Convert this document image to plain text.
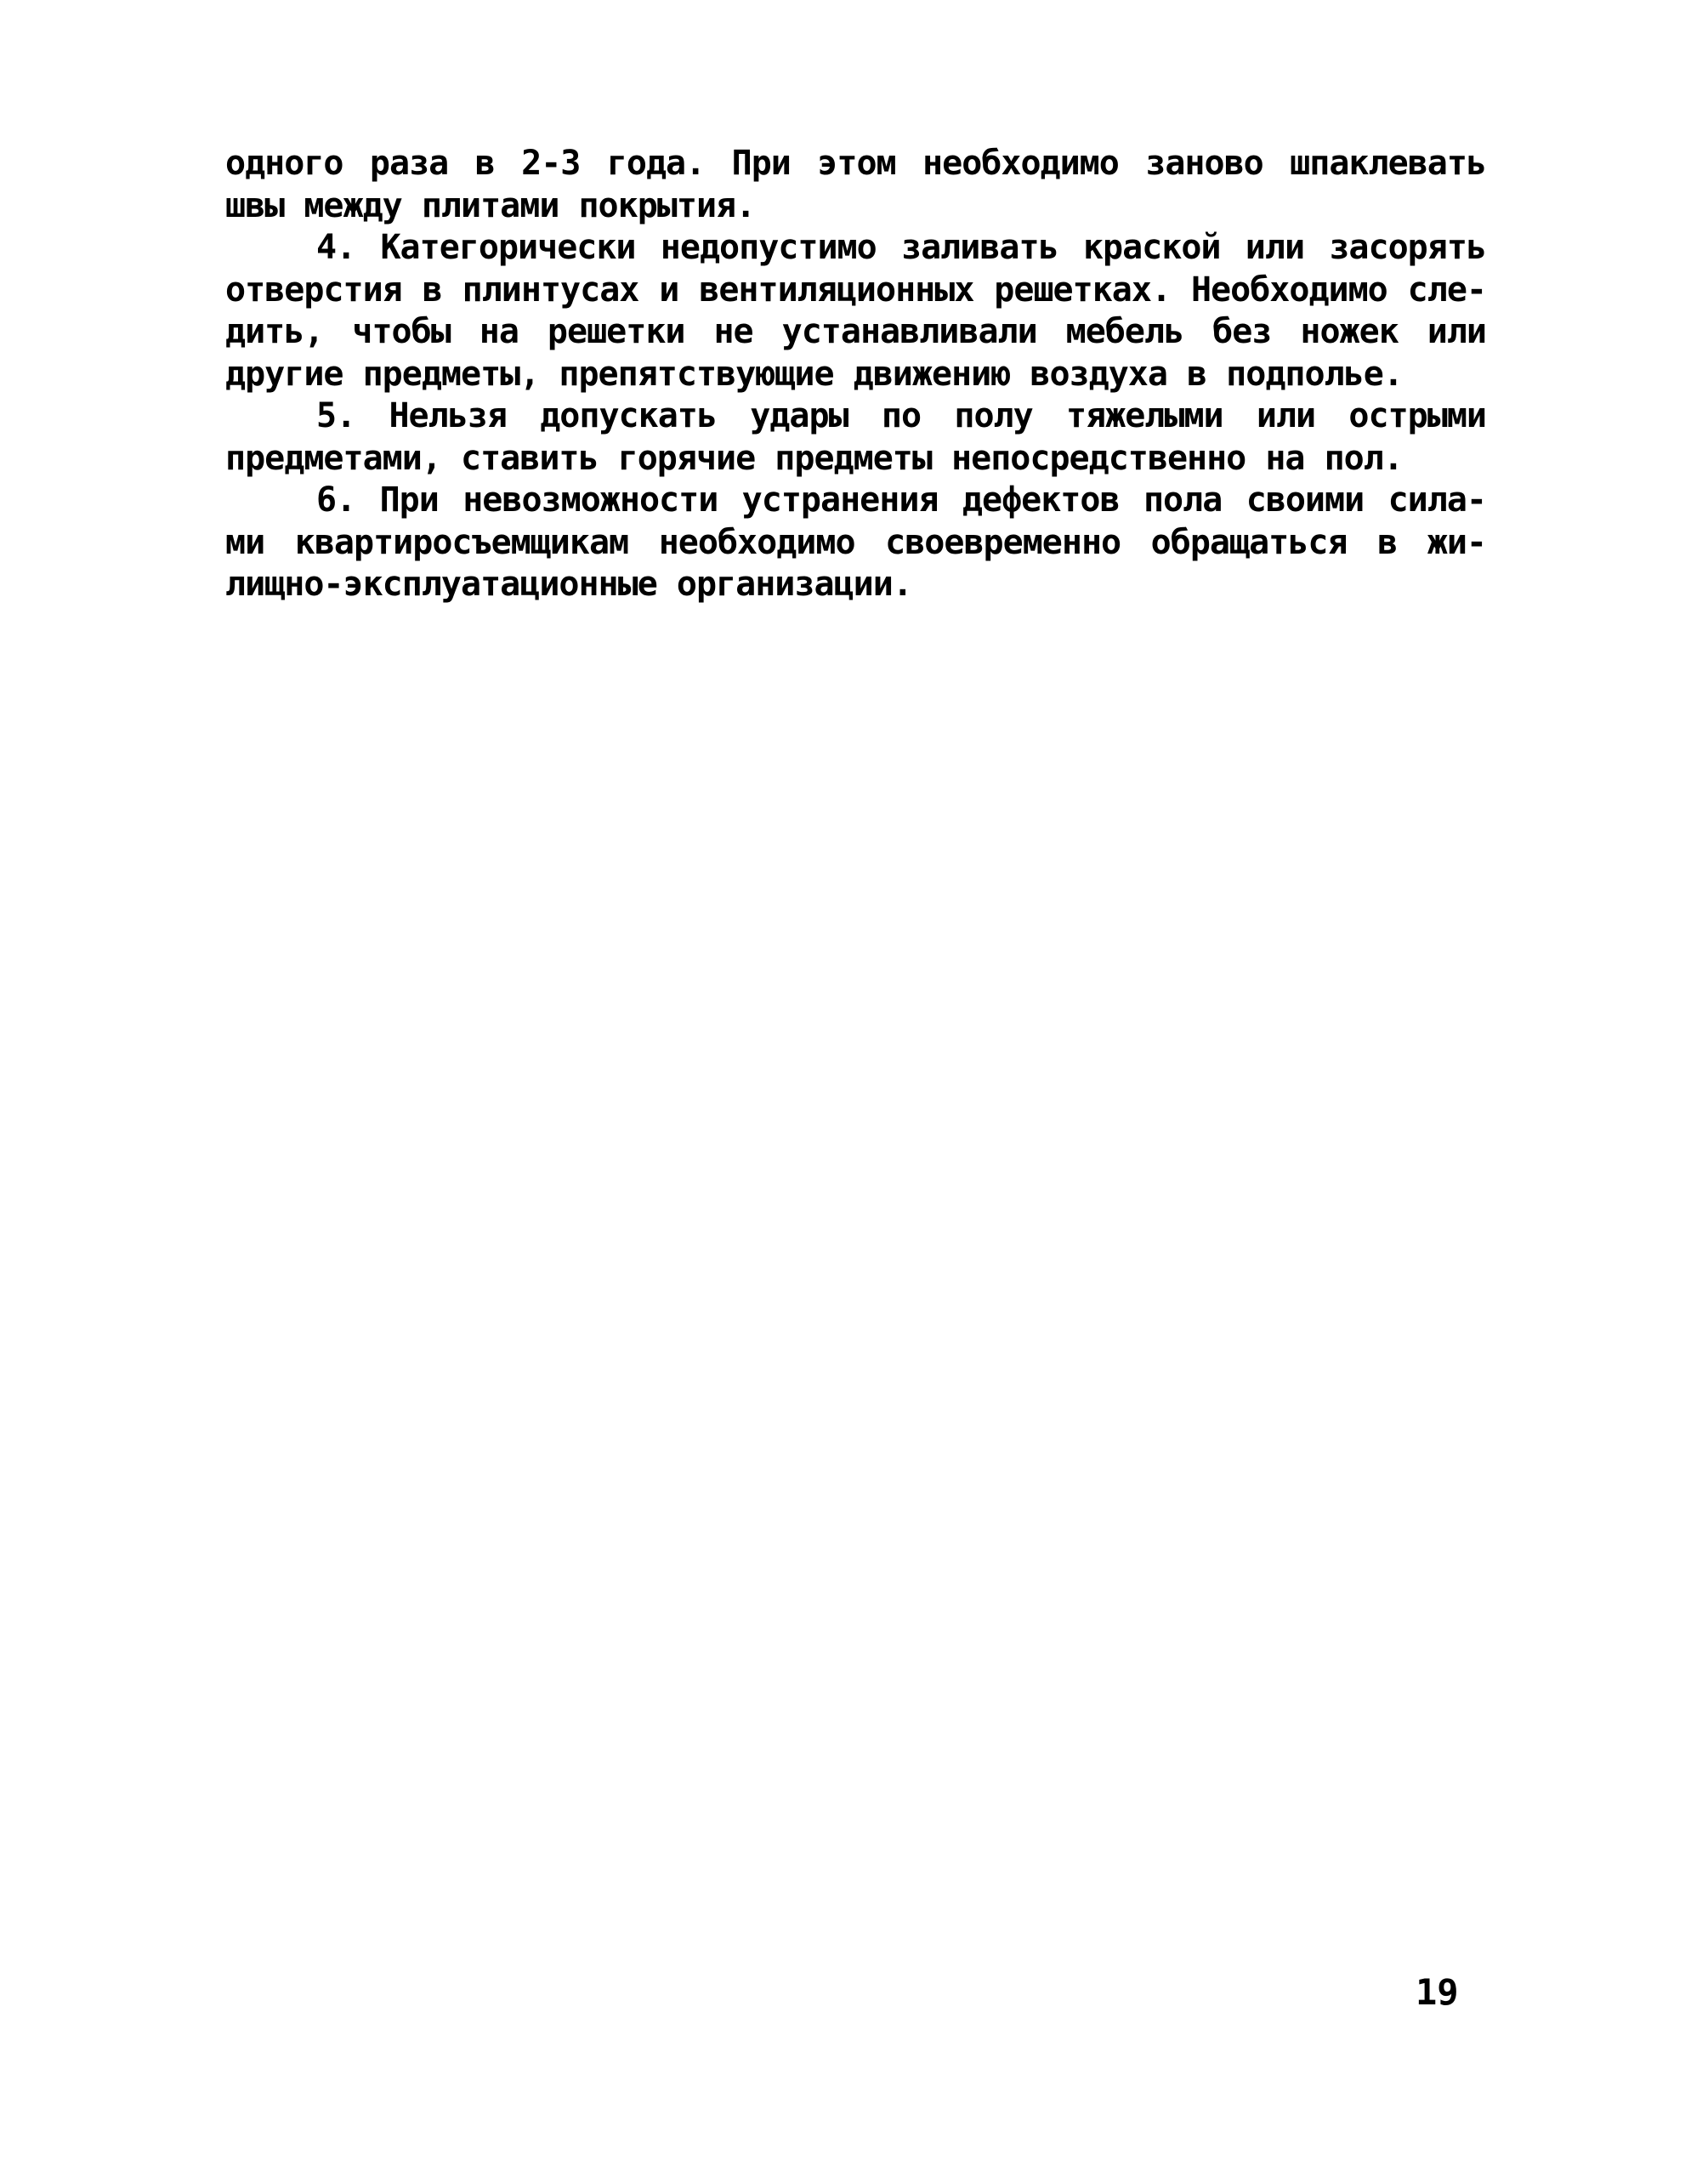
одного раза в 2-3 года. При этом необходимо заново шпаклевать
швы между плитами покрытия.
4. Категорически недопустимо заливать краской или засорять
отверстия в плинтусах и вентиляционных решетках. Необходимо сле-
дить, чтобы на решетки не устанавливали мебель без ножек или
другие предметы, препятствующие движению воздуха в подполье.
5. Нельзя допускать удары по полу тяжелыми или острыми
предметами, ставить горячие предметы непосредственно на пол.
6. При невозможности устранения дефектов пола своими сила-
ми квартиросъемщикам необходимо своевременно обращаться в жи-
лищно-эксплуатационные организации.
19
